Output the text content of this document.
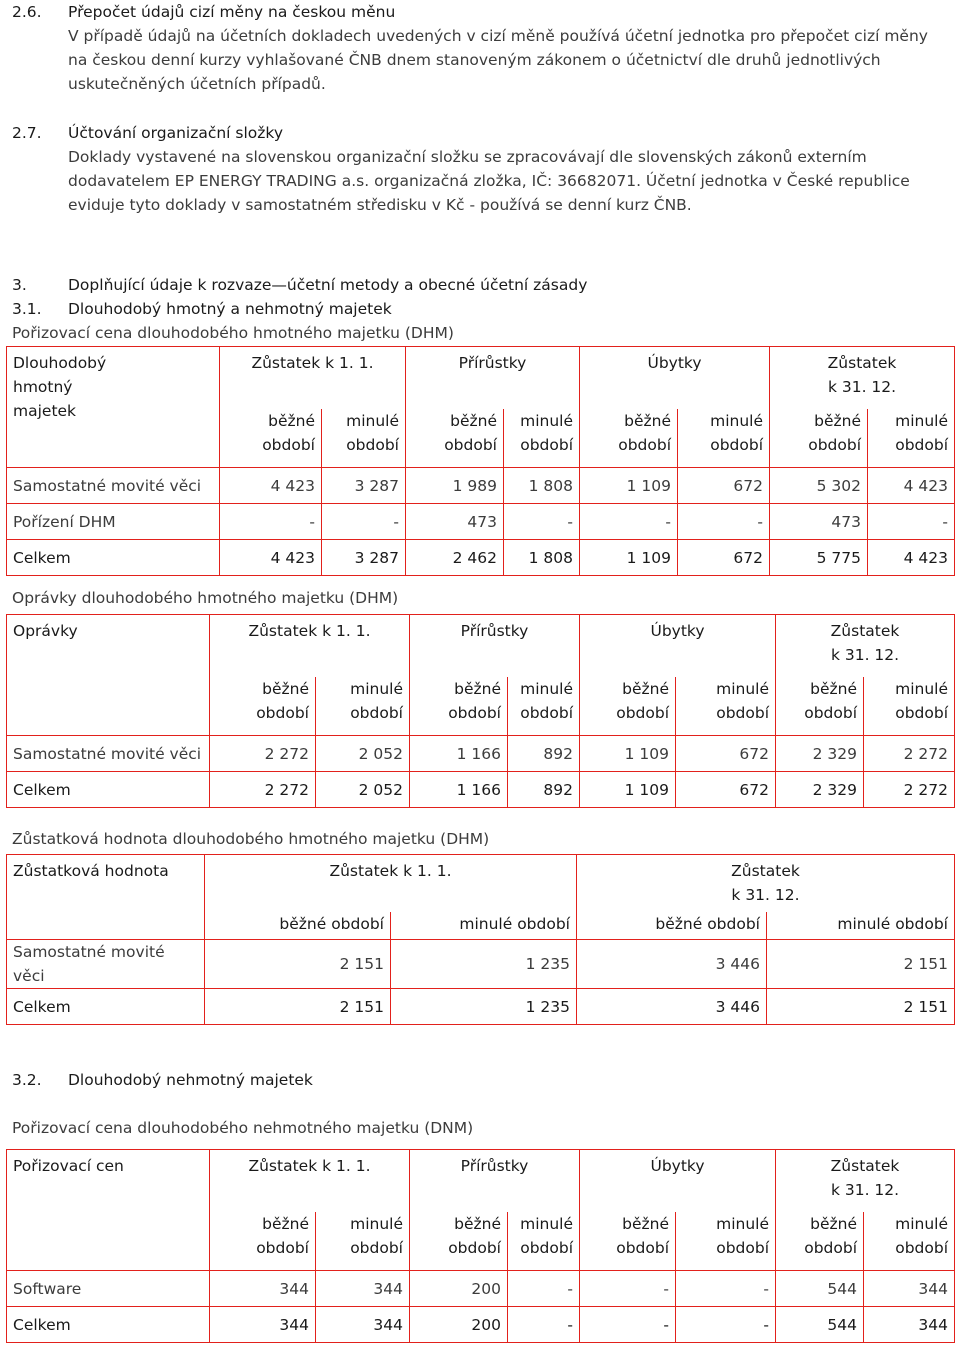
2.6. Přepočet údajů cizí měny na českou měnu
V případě údajů na účetních dokladech uvedených v cizí měně používá účetní jednotka pro přepočet cizí měny
na českou denní kurzy vyhlašované ČNB dnem stanoveným zákonem o účetnictví dle druhů jednotlivých
uskutečněných účetních případů.
2.7. Účtování organizační složky
Doklady vystavené na slovenskou organizační složku se zpracovávají dle slovenských zákonů externím
dodavatelem EP ENERGY TRADING a.s. organizačná zložka, IČ: 36682071. Účetní jednotka v České republice
eviduje tyto doklady v samostatném středisku v Kč - používá se denní kurz ČNB.
3.	Doplňující údaje k rozvaze—účetní metody a obecné účetní zásady
3.1. Dlouhodobý hmotný a nehmotný majetek
Pořizovací cena dlouhodobého hmotného majetku (DHM)
Dlouhodobý
hmotný
majetek	Zůstatek k 1. 1.		Přírůstky		Úbytky		Zůstatek
k 31. 12.	

	běžné
období	minulé
období	běžné
období	minulé
období	běžné
období	minulé
období	běžné
období	minulé
období

Samostatné movité věci	4 423	3 287	1 989	1 808	1 109	672	5 302	4 423
Pořízení DHM	-	-	473	-	-	-	473	-
Celkem	4 423	3 287	2 462	1 808	1 109	672	5 775	4 423
Oprávky dlouhodobého hmotného majetku (DHM)
Oprávky	Zůstatek k 1. 1.		Přírůstky		Úbytky		Zůstatek
k 31. 12.	

	běžné
období	minulé
období	běžné
období	minulé
období	běžné
období	minulé
období	běžné
období	minulé
období

Samostatné movité věci	2 272	2 052	1 166	892	1 109	672	2 329	2 272
Celkem	2 272	2 052	1 166	892	1 109	672	2 329	2 272
Zůstatková hodnota dlouhodobého hmotného majetku (DHM)
Zůstatková hodnota	Zůstatek k 1. 1.		Zůstatek
k 31. 12.	

	běžné období	minulé období	běžné období	minulé období
Samostatné movité věci	2 151	1 235	3 446	2 151
Celkem	2 151	1 235	3 446	2 151
3.2. Dlouhodobý nehmotný majetek
Pořizovací cena dlouhodobého nehmotného majetku (DNM)
Pořizovací cen	Zůstatek k 1. 1.		Přírůstky		Úbytky		Zůstatek
k 31. 12.	

	běžné
období	minulé
období	běžné
období	minulé
období	běžné
období	minulé
období	běžné
období	minulé
období

Software	344	344	200	-	-	-	544	344
Celkem	344	344	200	-	-	-	544	344
